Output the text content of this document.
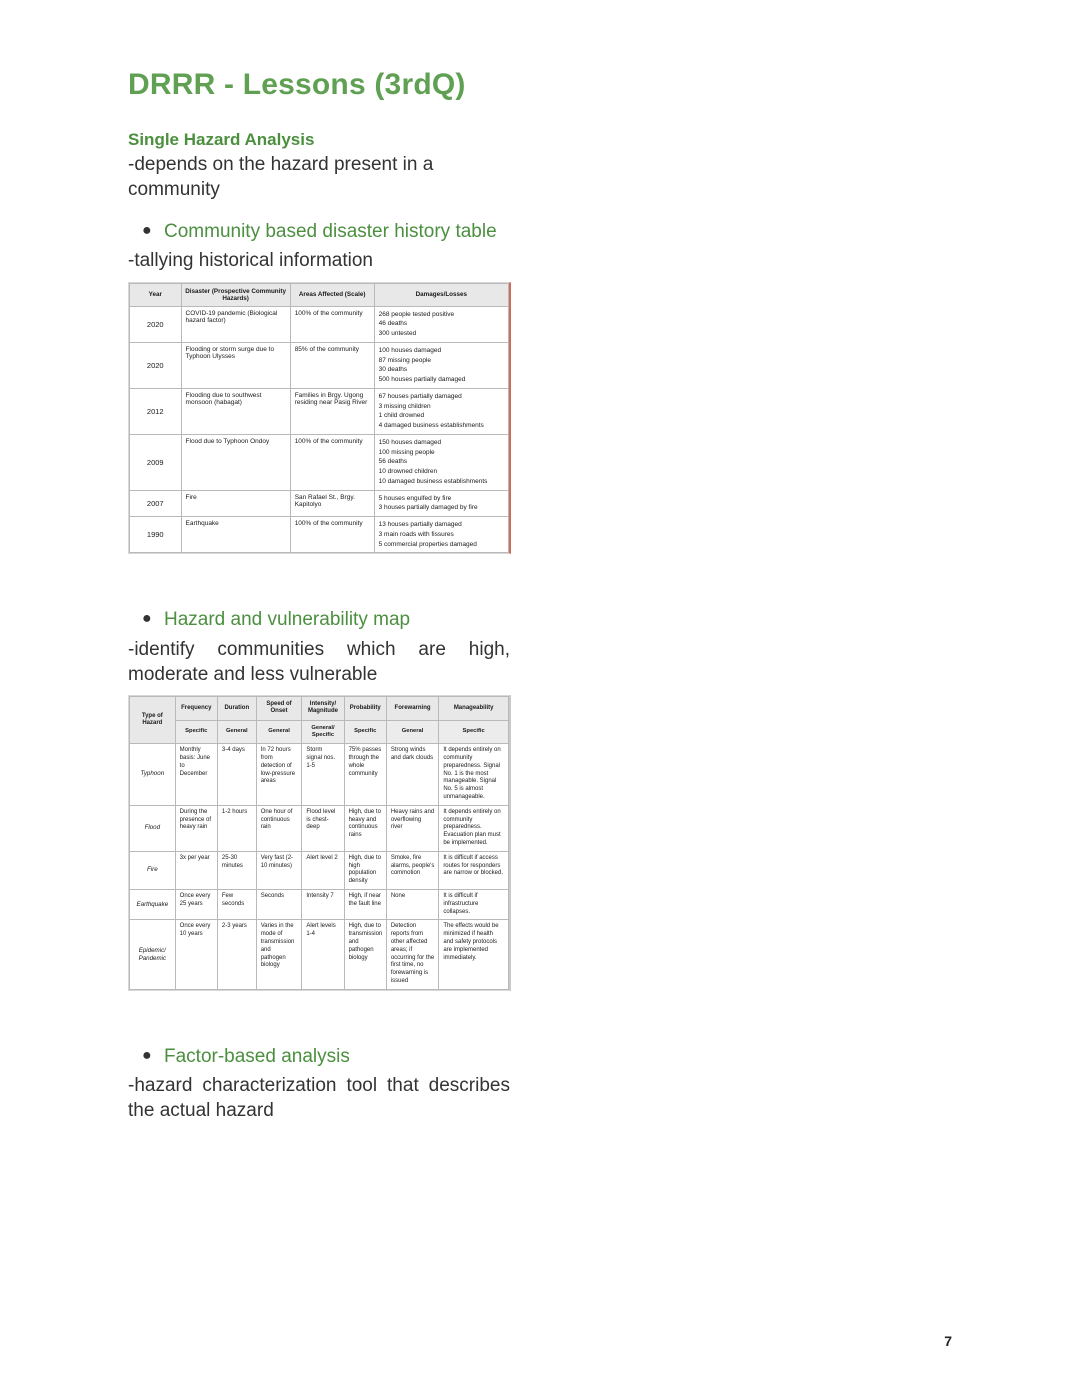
DRRR - Lessons (3rdQ)
Single Hazard Analysis

-depends on the hazard present in a community

● Community based disaster history table

-tallying historical information

Year	Disaster (Prospective Community Hazards)	Areas Affected (Scale)	Damages/Losses
2020	COVID-19 pandemic (Biological hazard factor)	100% of the community	268 people tested positive
46 deaths
300 untested

2020	Flooding or storm surge due to Typhoon Ulysses	85% of the community	100 houses damaged
87 missing people
30 deaths
500 houses partially damaged

2012	Flooding due to southwest monsoon (habagat)	Families in Brgy. Ugong residing near Pasig River	67 houses partially damaged
3 missing children
1 child drowned
4 damaged business establishments

2009	Flood due to Typhoon Ondoy	100% of the community	150 houses damaged
100 missing people
56 deaths
10 drowned children
10 damaged business establishments

2007	Fire	San Rafael St., Brgy. Kapitolyo	5 houses engulfed by fire
3 houses partially damaged by fire

1990	Earthquake	100% of the community	13 houses partially damaged
3 main roads with fissures
5 commercial properties damaged
● Hazard and vulnerability map

-identify communities which are high, moderate and less vulnerable

Type of Hazard	Frequency	Duration	Speed of Onset	Intensity/ Magnitude	Probability	Forewarning	Manageability
	Specific	General	General	General/ Specific	Specific	General	Specific
Typhoon	Monthly basis: June to December	3-4 days	In 72 hours from detection of low-pressure areas	Storm signal nos. 1-5	75% passes through the whole community	Strong winds and dark clouds	It depends entirely on community preparedness. Signal No. 1 is the most manageable. Signal No. 5 is almost unmanageable.
Flood	During the presence of heavy rain	1-2 hours	One hour of continuous rain	Flood level is chest-deep	High, due to heavy and continuous rains	Heavy rains and overflowing river	It depends entirely on community preparedness. Evacuation plan must be implemented.
Fire	3x per year	25-30 minutes	Very fast (2-10 minutes)	Alert level 2	High, due to high population density	Smoke, fire alarms, people's commotion	It is difficult if access routes for responders are narrow or blocked.
Earthquake	Once every 25 years	Few seconds	Seconds	Intensity 7	High, if near the fault line	None	It is difficult if infrastructure collapses.
Epidemic/ Pandemic	Once every 10 years	2-3 years	Varies in the mode of transmission and pathogen biology	Alert levels 1-4	High, due to transmission and pathogen biology	Detection reports from other affected areas; if occurring for the first time, no forewarning is issued	The effects would be minimized if health and safety protocols are implemented immediately.
● Factor-based analysis

-hazard characterization tool that describes the actual hazard

7
